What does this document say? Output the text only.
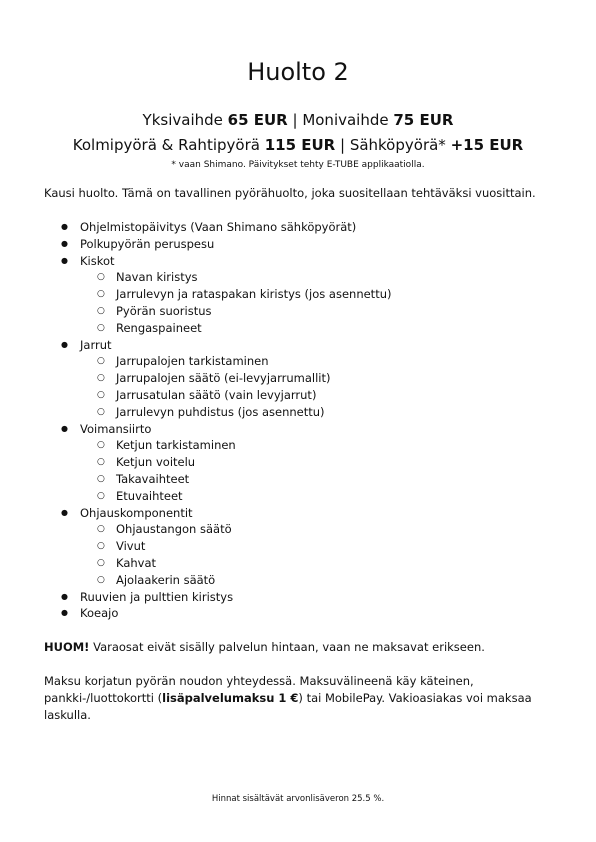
Huolto 2

Yksivaihde 65 EUR | Monivaihde 75 EUR

Kolmipyörä & Rahtipyörä 115 EUR | Sähköpyörä* +15 EUR

* vaan Shimano. Päivitykset tehty E-TUBE applikaatiolla.

Kausi huolto. Tämä on tavallinen pyörähuolto, joka suositellaan tehtäväksi vuosittain.

● Ohjelmistopäivitys (Vaan Shimano sähköpyörät)
● Polkupyörän peruspesu
● Kiskot
○ Navan kiristys
○ Jarrulevyn ja rataspakan kiristys (jos asennettu)
○ Pyörän suoristus
○ Rengaspaineet
● Jarrut
○ Jarrupalojen tarkistaminen
○ Jarrupalojen säätö (ei-levyjarrumallit)
○ Jarrusatulan säätö (vain levyjarrut)
○ Jarrulevyn puhdistus (jos asennettu)
● Voimansiirto
○ Ketjun tarkistaminen
○ Ketjun voitelu
○ Takavaihteet
○ Etuvaihteet
● Ohjauskomponentit
○ Ohjaustangon säätö
○ Vivut
○ Kahvat
○ Ajolaakerin säätö
● Ruuvien ja pulttien kiristys
● Koeajo

HUOM! Varaosat eivät sisälly palvelun hintaan, vaan ne maksavat erikseen.

Maksu korjatun pyörän noudon yhteydessä. Maksuvälineenä käy käteinen, pankki-/luottokortti (lisäpalvelumaksu 1 €) tai MobilePay. Vakioasiakas voi maksaa laskulla.

Hinnat sisältävät arvonlisäveron 25.5 %.
